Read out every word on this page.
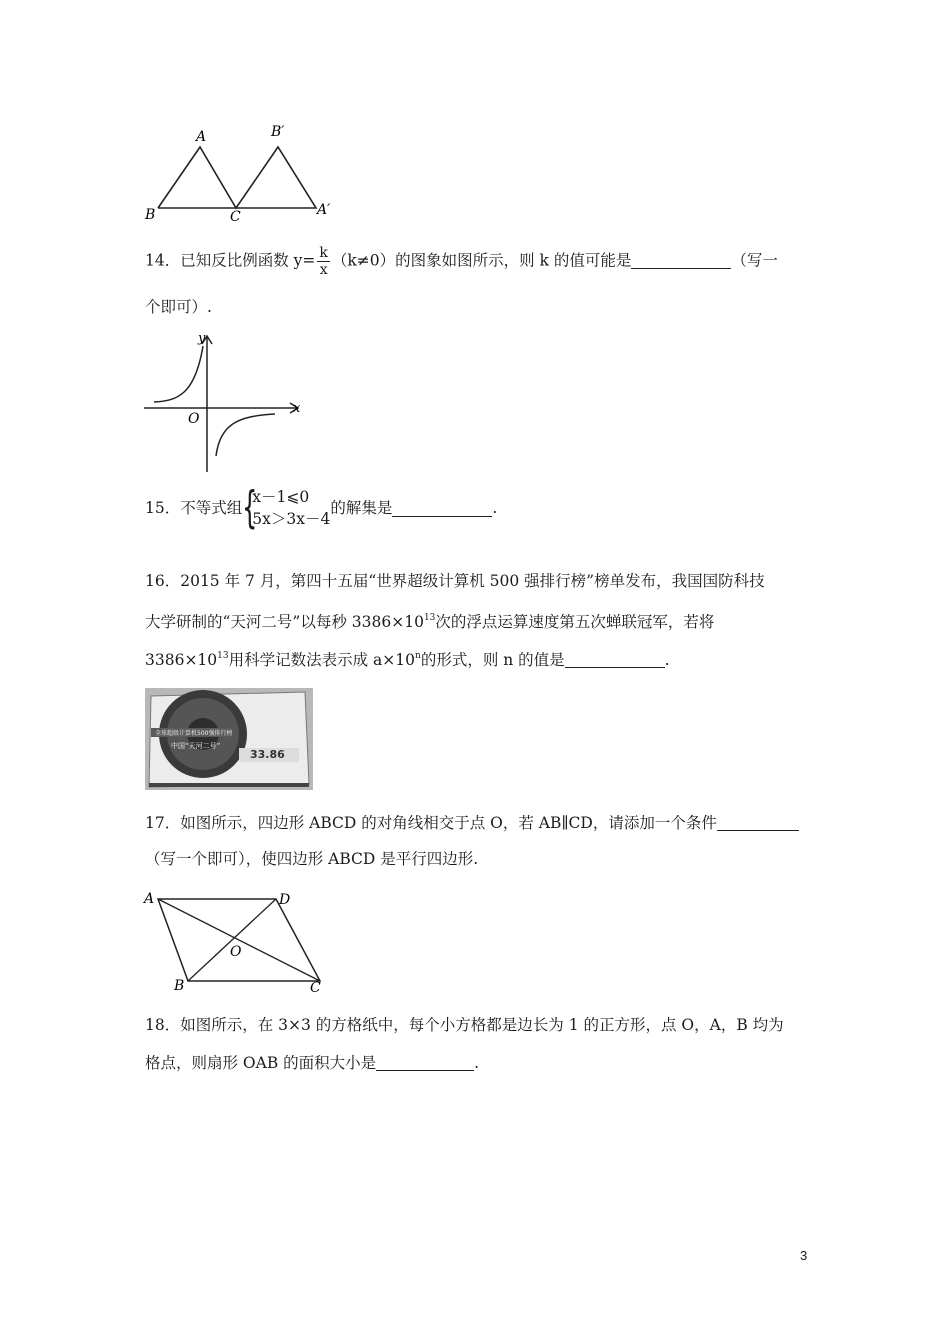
A	B′
B	C	A′
14．已知反比例函数 $y= \frac{k}{x} (k\ne 0)$的图象如图所示，则 k 的值可能是	（写一
个即可）.
y
x
O
15．不等式组 {
x－1⩽0
5x＞3x－4
的解集是	.
16．2015 年 7 月，第四十五届“世界超级计算机 500 强排行榜”榜单发布，我国国防科技
大学研制的“天河二号”以每秒 $3386\times 10^{13}$次的浮点运算速度第五次蝉联冠军，若将
$3386\times 10^{13}$用科学记数法表示成 $a\times 10^n$的形式，则 n 的值是	.
全球超级计算机500强排行榜
中国“天河二号”
33.86
17．如图所示，四边形 ABCD 的对角线相交于点 O，若 AB∥CD，请添加一个条件
（写一个即可），使四边形 ABCD 是平行四边形.
A	D
O
B	C
18．如图所示，在 3×3 的方格纸中，每个小方格都是边长为 1 的正方形，点 O，A，B 均为
格点，则扇形 OAB 的面积大小是	.
3
